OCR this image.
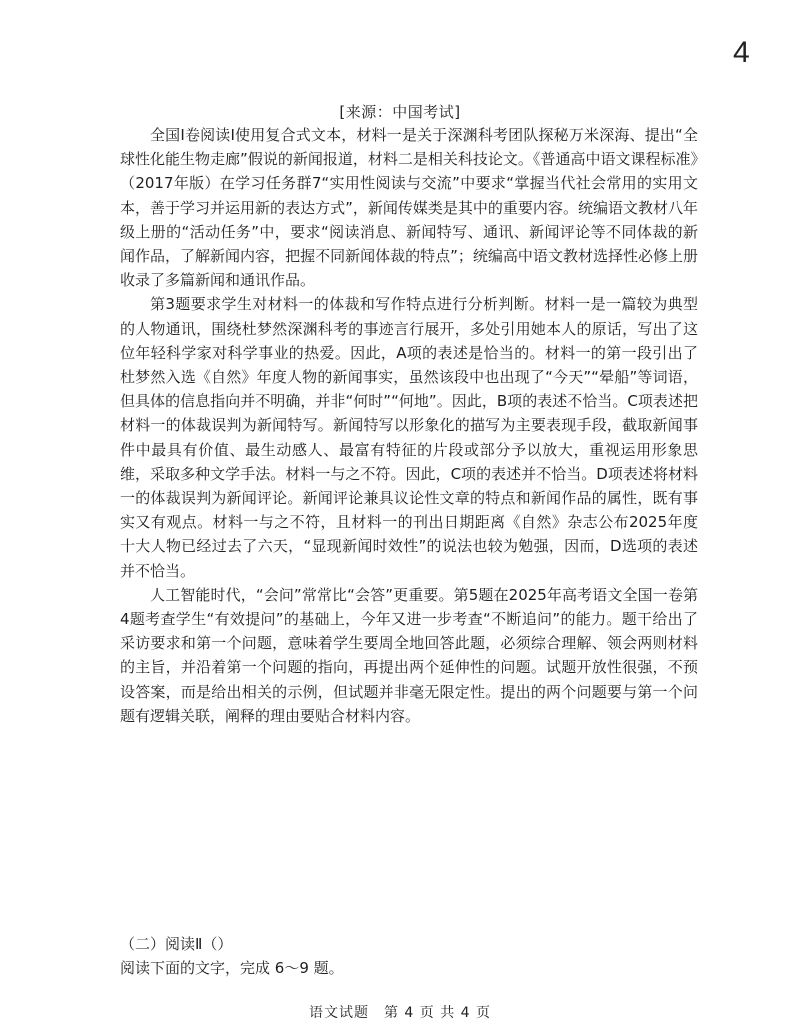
4
[来源：中国考试]

全国Ⅰ卷阅读Ⅰ使用复合式文本，材料一是关于深渊科考团队探秘万米深海、提出“全球性化能生物走廊”假说的新闻报道，材料二是相关科技论文。《普通高中语文课程标准》（2017年版）在学习任务群7“实用性阅读与交流”中要求“掌握当代社会常用的实用文本，善于学习并运用新的表达方式”，新闻传媒类是其中的重要内容。统编语文教材八年级上册的“活动任务”中，要求“阅读消息、新闻特写、通讯、新闻评论等不同体裁的新闻作品，了解新闻内容，把握不同新闻体裁的特点”；统编高中语文教材选择性必修上册收录了多篇新闻和通讯作品。

第3题要求学生对材料一的体裁和写作特点进行分析判断。材料一是一篇较为典型的人物通讯，围绕杜梦然深渊科考的事迹言行展开，多处引用她本人的原话，写出了这位年轻科学家对科学事业的热爱。因此，A项的表述是恰当的。材料一的第一段引出了杜梦然入选《自然》年度人物的新闻事实，虽然该段中也出现了“今天”“晕船”等词语，但具体的信息指向并不明确，并非“何时”“何地”。因此，B项的表述不恰当。C项表述把材料一的体裁误判为新闻特写。新闻特写以形象化的描写为主要表现手段，截取新闻事件中最具有价值、最生动感人、最富有特征的片段或部分予以放大，重视运用形象思维，采取多种文学手法。材料一与之不符。因此，C项的表述并不恰当。D项表述将材料一的体裁误判为新闻评论。新闻评论兼具议论性文章的特点和新闻作品的属性，既有事实又有观点。材料一与之不符，且材料一的刊出日期距离《自然》杂志公布2025年度十大人物已经过去了六天，“显现新闻时效性”的说法也较为勉强，因而，D选项的表述并不恰当。

人工智能时代，“会问”常常比“会答”更重要。第5题在2025年高考语文全国一卷第4题考查学生“有效提问”的基础上，今年又进一步考查“不断追问”的能力。题干给出了采访要求和第一个问题，意味着学生要周全地回答此题，必须综合理解、领会两则材料的主旨，并沿着第一个问题的指向，再提出两个延伸性的问题。试题开放性很强，不预设答案，而是给出相关的示例，但试题并非毫无限定性。提出的两个问题要与第一个问题有逻辑关联，阐释的理由要贴合材料内容。

（二）阅读Ⅱ（）
阅读下面的文字，完成 6～9 题。
语文试题　第 4 页 共 4 页
